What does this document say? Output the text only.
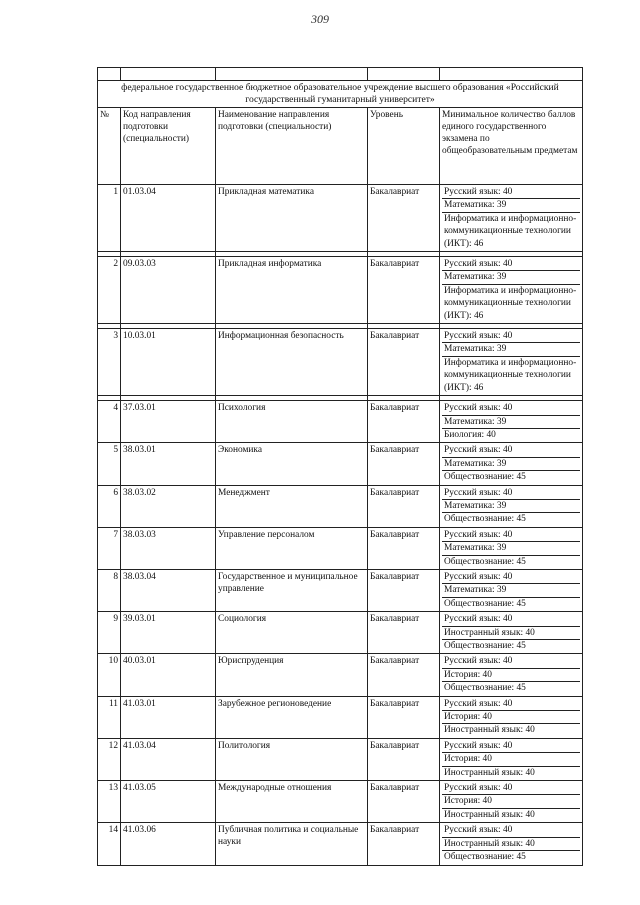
309

федеральное государственное бюджетное образовательное учреждение высшего образования «Российский государственный гуманитарный университет»				
№	Код направления подготовки (специальности)	Наименование направления подготовки (специальности)	Уровень	Минимальное количество баллов единого государственного экзамена по общеобразовательным предметам
1	01.03.04	Прикладная математика	Бакалавриат	Русский язык: 40
Математика: 39
Информатика и информационно-коммуникационные технологии (ИКТ): 46

2	09.03.03	Прикладная информатика	Бакалавриат	Русский язык: 40
Математика: 39
Информатика и информационно-коммуникационные технологии (ИКТ): 46

3	10.03.01	Информационная безопасность	Бакалавриат	Русский язык: 40
Математика: 39
Информатика и информационно-коммуникационные технологии (ИКТ): 46

4	37.03.01	Психология	Бакалавриат	Русский язык: 40
Математика: 39
Биология: 40

5	38.03.01	Экономика	Бакалавриат	Русский язык: 40
Математика: 39
Обществознание: 45

6	38.03.02	Менеджмент	Бакалавриат	Русский язык: 40
Математика: 39
Обществознание: 45

7	38.03.03	Управление персоналом	Бакалавриат	Русский язык: 40
Математика: 39
Обществознание: 45

8	38.03.04	Государственное и муниципальное управление	Бакалавриат	Русский язык: 40
Математика: 39
Обществознание: 45

9	39.03.01	Социология	Бакалавриат	Русский язык: 40
Иностранный язык: 40
Обществознание: 45

10	40.03.01	Юриспруденция	Бакалавриат	Русский язык: 40
История: 40
Обществознание: 45

11	41.03.01	Зарубежное регионоведение	Бакалавриат	Русский язык: 40
История: 40
Иностранный язык: 40

12	41.03.04	Политология	Бакалавриат	Русский язык: 40
История: 40
Иностранный язык: 40

13	41.03.05	Международные отношения	Бакалавриат	Русский язык: 40
История: 40
Иностранный язык: 40

14	41.03.06	Публичная политика и социальные науки	Бакалавриат	Русский язык: 40
Иностранный язык: 40
Обществознание: 45
